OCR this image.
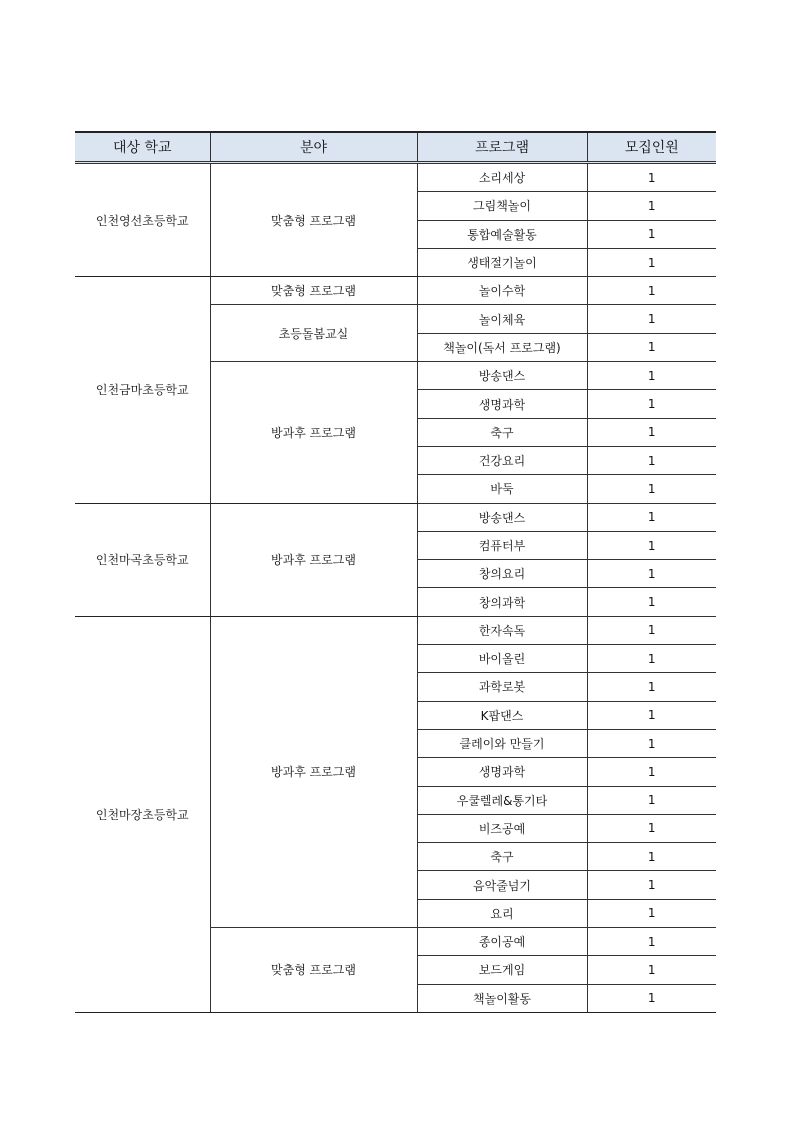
대상 학교	분야	프로그램	모집인원
인천영선초등학교	맞춤형 프로그램	소리세상	1
		그림책놀이	1
		통합예술활동	1
		생태절기놀이	1
인천금마초등학교	맞춤형 프로그램	놀이수학	1
	초등돌봄교실	놀이체육	1
		책놀이(독서 프로그램)	1
	방과후 프로그램	방송댄스	1
		생명과학	1
		축구	1
		건강요리	1
		바둑	1
인천마곡초등학교	방과후 프로그램	방송댄스	1
		컴퓨터부	1
		창의요리	1
		창의과학	1
인천마장초등학교	방과후 프로그램	한자속독	1
		바이올린	1
		과학로봇	1
		K팝댄스	1
		클레이와 만들기	1
		생명과학	1
		우쿨렐레&통기타	1
		비즈공예	1
		축구	1
		음악줄넘기	1
		요리	1
	맞춤형 프로그램	종이공예	1
		보드게임	1
		책놀이활동	1
